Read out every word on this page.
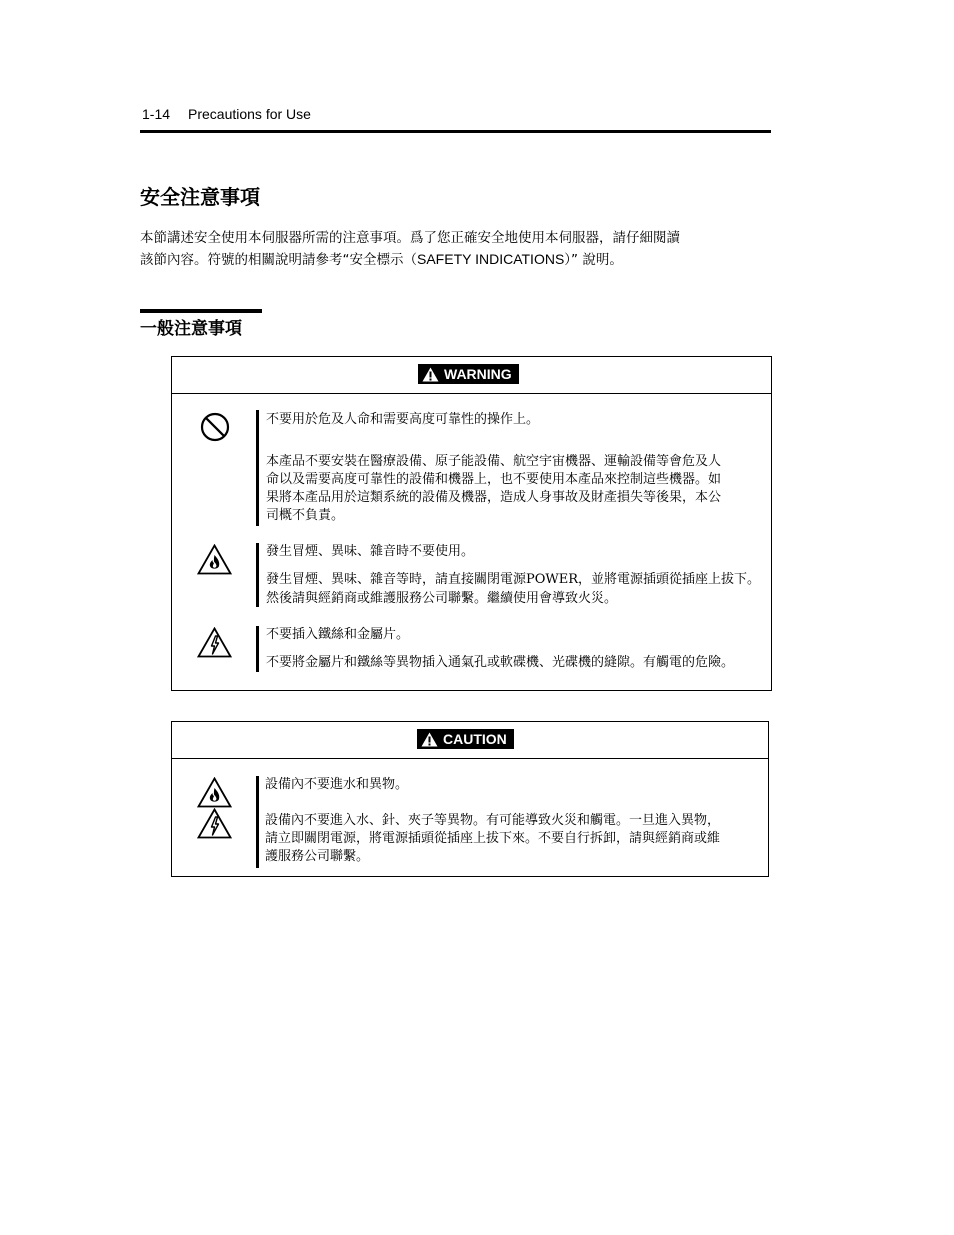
1-14 Precautions for Use
安全注意事項
本節講述安全使用本伺服器所需的注意事項。爲了您正確安全地使用本伺服器，請仔細閱讀
該節內容。符號的相關說明請參考“安全標示（SAFETY INDICATIONS）” 說明。
一般注意事項
WARNING
不要用於危及人命和需要高度可靠性的操作上。
本產品不要安裝在醫療設備、原子能設備、航空宇宙機器、運輸設備等會危及人
命以及需要高度可靠性的設備和機器上，也不要使用本產品來控制這些機器。如
果將本產品用於這類系統的設備及機器，造成人身事故及財產損失等後果，本公
司概不負責。
發生冒煙、異味、雜音時不要使用。
發生冒煙、異味、雜音等時，請直接關閉電源POWER，並將電源插頭從插座上拔下。
然後請與經銷商或維護服務公司聯繫。繼續使用會導致火災。
不要插入鐵絲和金屬片。
不要將金屬片和鐵絲等異物插入通氣孔或軟碟機、光碟機的縫隙。有觸電的危險。
CAUTION
設備內不要進水和異物。
設備內不要進入水、針、夾子等異物。有可能導致火災和觸電。一旦進入異物，
請立即關閉電源，將電源插頭從插座上拔下來。不要自行拆卸，請與經銷商或維
護服務公司聯繫。
